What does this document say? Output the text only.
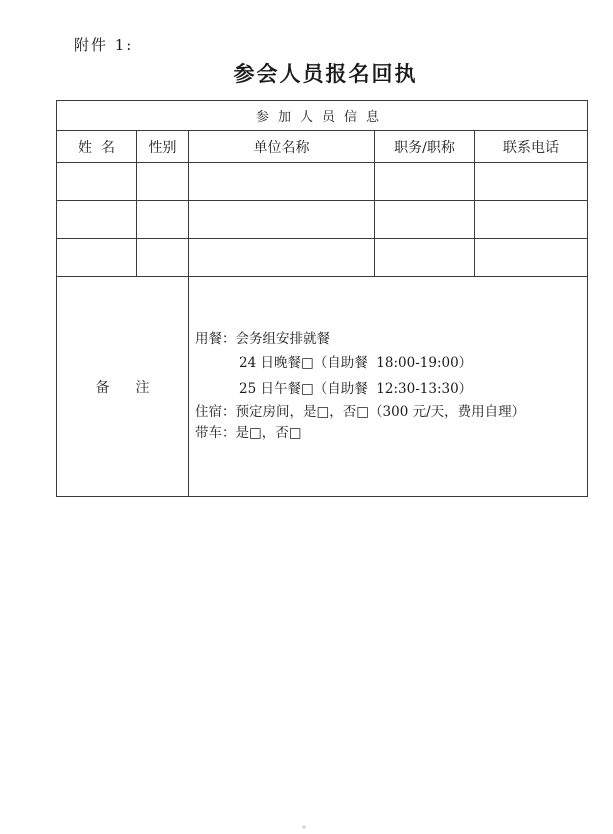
附件 1:
参会人员报名回执
参加人员信息				
姓  名	性别	单位名称	职务/职称	联系电话

备注		用餐：会务组安排就餐
24 日晚餐□（自助餐  18:00-19:00）
25 日午餐□（自助餐  12:30-13:30）
住宿：预定房间，是□，否□（300 元/天，费用自理）
带车：是□，否□		
